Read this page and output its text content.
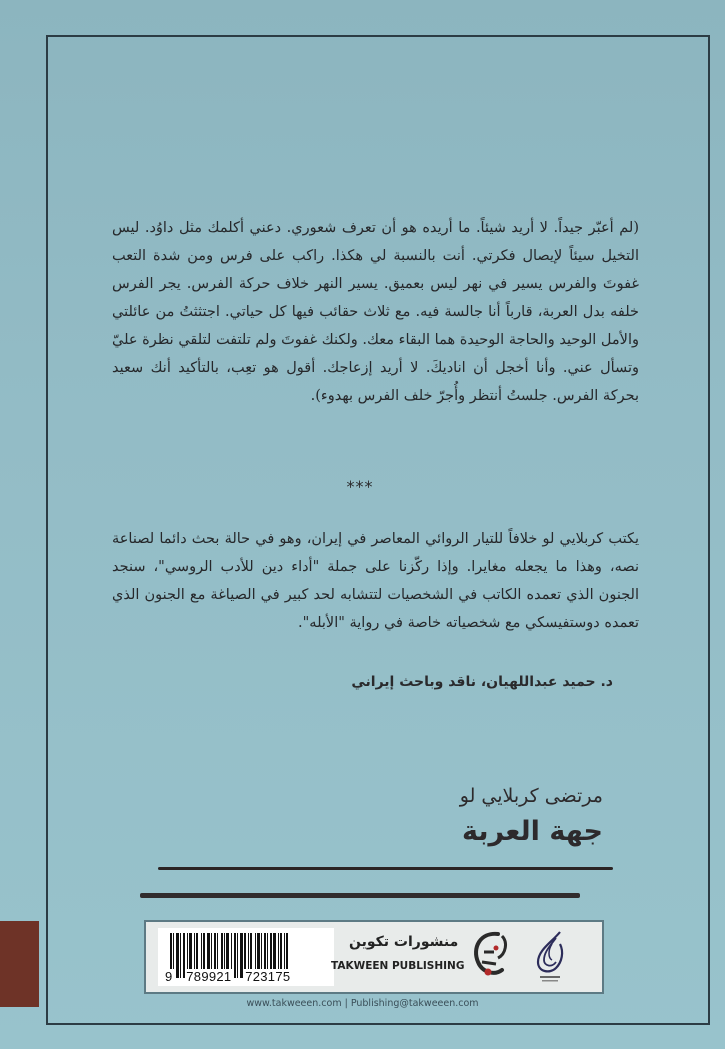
(لم أعبّر جيداً. لا أريد شيئاً. ما أريده هو أن تعرف شعوري. دعني أكلمك مثل داوُد. ليس التخيل سيئاً لإيصال فكرتي. أنت بالنسبة لي هكذا. راكب على فرس ومن شدة التعب غفوتَ والفرس يسير في نهر ليس بعميق. يسير النهر خلاف حركة الفرس. يجر الفرس خلفه بدل العربة، قارباً أنا جالسة فيه. مع ثلاث حقائب فيها كل حياتي. اجتثثتُ من عائلتي والأمل الوحيد والحاجة الوحيدة هما البقاء معك. ولكنك غفوتَ ولم تلتفت لتلقي نظرة عليّ وتسأل عني. وأنا أخجل أن اناديكَ. لا أريد إزعاجك. أقول هو تعِب، بالتأكيد أنك سعيد بحركة الفرس. جلستُ أنتظر وأُجرّ خلف الفرس بهدوء).

***

يكتب كربلايي لو خلافاً للتيار الروائي المعاصر في إيران، وهو في حالة بحث دائما لصناعة نصه، وهذا ما يجعله مغايرا. وإذا ركّزنا على جملة "أداء دين للأدب الروسي"، سنجد الجنون الذي تعمده الكاتب في الشخصيات لتتشابه لحد كبير في الصياغة مع الجنون الذي تعمده دوستفيسكي مع شخصياته خاصة في رواية "الأبله".

د. حميد عبداللهيان، ناقد وباحث إيراني
مرتضى كربلايي لو
جهة العربة
9 789921 723175
منشورات تكوين
TAKWEEN PUBLISHING
www.takweeen.com | Publishing@takweeen.com
